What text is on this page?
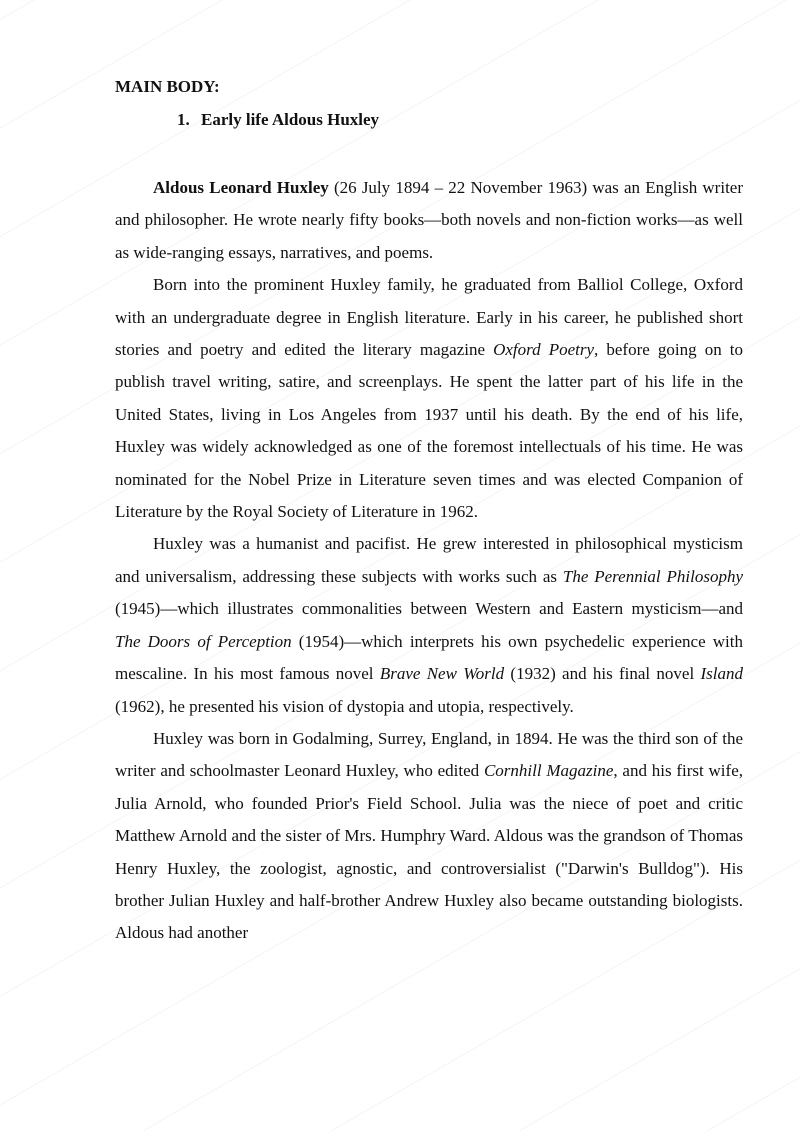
MAIN BODY:
1. Early life Aldous Huxley

Aldous Leonard Huxley (26 July 1894 – 22 November 1963) was an English writer and philosopher. He wrote nearly fifty books—both novels and non-fiction works—as well as wide-ranging essays, narratives, and poems.

Born into the prominent Huxley family, he graduated from Balliol College, Oxford with an undergraduate degree in English literature. Early in his career, he published short stories and poetry and edited the literary magazine Oxford Poetry, before going on to publish travel writing, satire, and screenplays. He spent the latter part of his life in the United States, living in Los Angeles from 1937 until his death. By the end of his life, Huxley was widely acknowledged as one of the foremost intellectuals of his time. He was nominated for the Nobel Prize in Literature seven times and was elected Companion of Literature by the Royal Society of Literature in 1962.

Huxley was a humanist and pacifist. He grew interested in philosophical mysticism and universalism, addressing these subjects with works such as The Perennial Philosophy (1945)—which illustrates commonalities between Western and Eastern mysticism—and The Doors of Perception (1954)—which interprets his own psychedelic experience with mescaline. In his most famous novel Brave New World (1932) and his final novel Island (1962), he presented his vision of dystopia and utopia, respectively.

Huxley was born in Godalming, Surrey, England, in 1894. He was the third son of the writer and schoolmaster Leonard Huxley, who edited Cornhill Magazine, and his first wife, Julia Arnold, who founded Prior's Field School. Julia was the niece of poet and critic Matthew Arnold and the sister of Mrs. Humphry Ward. Aldous was the grandson of Thomas Henry Huxley, the zoologist, agnostic, and controversialist ("Darwin's Bulldog"). His brother Julian Huxley and half-brother Andrew Huxley also became outstanding biologists. Aldous had another
